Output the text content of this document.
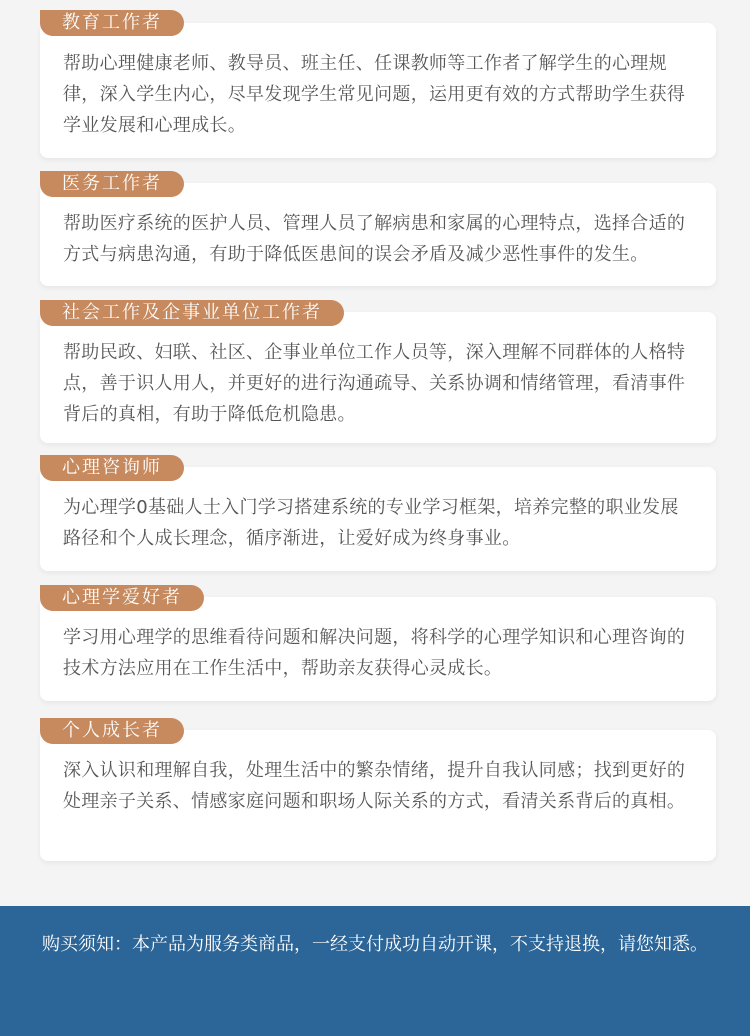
帮助心理健康老师、教导员、班主任、任课教师等工作者了解学生的心理规律，深入学生内心，尽早发现学生常见问题，运用更有效的方式帮助学生获得学业发展和心理成长。
教育工作者
帮助医疗系统的医护人员、管理人员了解病患和家属的心理特点，选择合适的方式与病患沟通，有助于降低医患间的误会矛盾及减少恶性事件的发生。
医务工作者
帮助民政、妇联、社区、企事业单位工作人员等，深入理解不同群体的人格特点，善于识人用人，并更好的进行沟通疏导、关系协调和情绪管理，看清事件背后的真相，有助于降低危机隐患。
社会工作及企事业单位工作者
为心理学0基础人士入门学习搭建系统的专业学习框架，培养完整的职业发展路径和个人成长理念，循序渐进，让爱好成为终身事业。
心理咨询师
学习用心理学的思维看待问题和解决问题，将科学的心理学知识和心理咨询的技术方法应用在工作生活中，帮助亲友获得心灵成长。
心理学爱好者
深入认识和理解自我，处理生活中的繁杂情绪，提升自我认同感；找到更好的处理亲子关系、情感家庭问题和职场人际关系的方式，看清关系背后的真相。
个人成长者
购买须知：本产品为服务类商品，一经支付成功自动开课，不支持退换，请您知悉。
